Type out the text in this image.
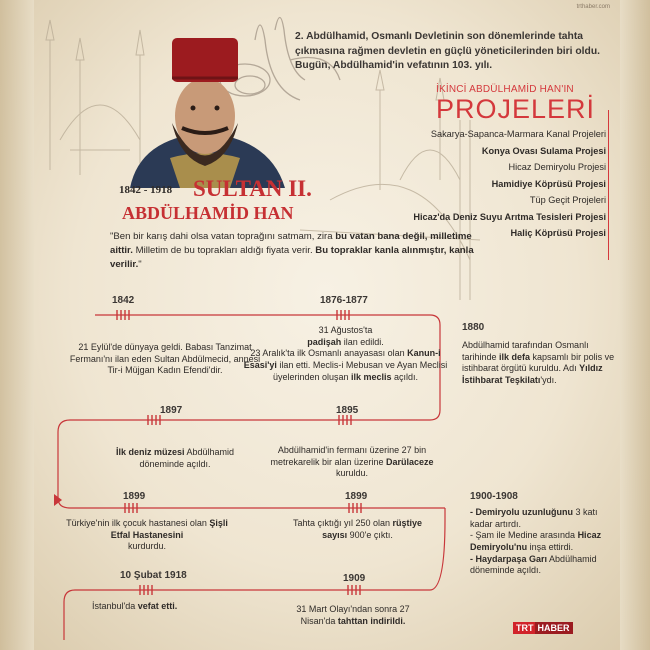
trthaber.com
2. Abdülhamid, Osmanlı Devletinin son dönemlerinde tahta çıkmasına rağmen devletin en güçlü yöneticilerinden biri oldu. Bugün, Abdülhamid'in vefatının 103. yılı.
İKİNCİ ABDÜLHAMİD HAN'IN
PROJELERİ
Sakarya-Sapanca-Marmara Kanal Projeleri
Konya Ovası Sulama Projesi
Hicaz Demiryolu Projesi
Hamidiye Köprüsü Projesi
Tüp Geçit Projeleri
Hicaz'da Deniz Suyu Arıtma Tesisleri Projesi
Haliç Köprüsü Projesi
1842 - 1918 SULTAN II.
ABDÜLHAMİD HAN
"Ben bir karış dahi olsa vatan toprağını satmam, zira bu vatan bana değil, milletime aittir. Milletim de bu toprakları aldığı fiyata verir. Bu topraklar kanla alınmıştır, kanla verilir."
1842
21 Eylül'de dünyaya geldi. Babası Tanzimat Fermanı'nı ilan eden Sultan Abdülmecid, annesi Tir-i Müjgan Kadın Efendi'dir.
1876-1877
31 Ağustos'ta
padişah ilan edildi.
23 Aralık'ta ilk Osmanlı anayasası olan Kanun-i Esasi'yi ilan etti. Meclis-i Mebusan ve Ayan Meclisi üyelerinden oluşan ilk meclis açıldı.
1880
Abdülhamid tarafından Osmanlı tarihinde ilk defa kapsamlı bir polis ve istihbarat örgütü kuruldu. Adı Yıldız İstihbarat Teşkilatı'ydı.
1897
İlk deniz müzesi Abdülhamid döneminde açıldı.
1895
Abdülhamid'in fermanı üzerine 27 bin metrekarelik bir alan üzerine Darülaceze kuruldu.
1899
Türkiye'nin ilk çocuk hastanesi olan Şişli Etfal Hastanesini
kurdurdu.
1899
Tahta çıktığı yıl 250 olan rüştiye sayısı 900'e çıktı.
1900-1908
- Demiryolu uzunluğunu 3 katı kadar artırdı.
- Şam ile Medine arasında Hicaz Demiryolu'nu inşa ettirdi.
- Haydarpaşa Garı Abdülhamid döneminde açıldı.
10 Şubat 1918
İstanbul'da vefat etti.
1909
31 Mart Olayı'ndan sonra 27 Nisan'da tahttan indirildi.
TRT HABER
